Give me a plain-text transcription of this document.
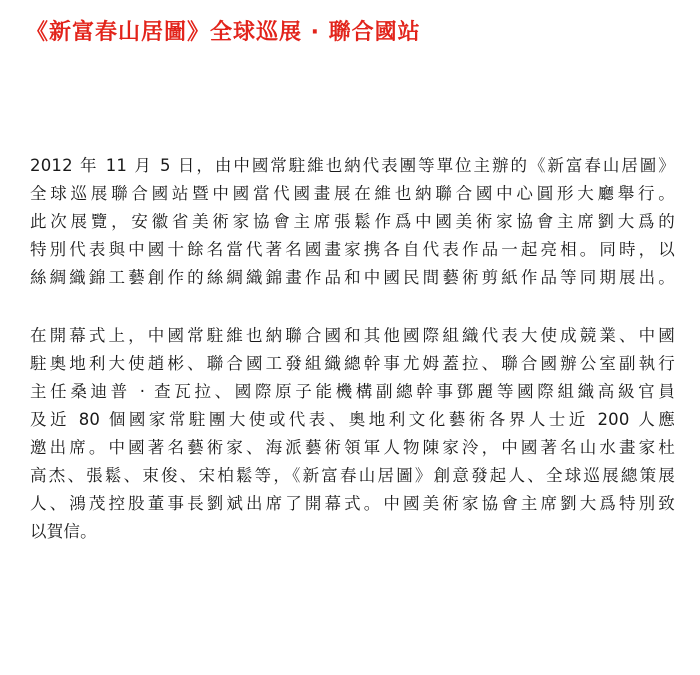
《新富春山居圖》全球巡展 · 聯合國站

2012 年 11 月 5 日，由中國常駐維也納代表團等單位主辦的《新富春山居圖》
全球巡展聯合國站暨中國當代國畫展在維也納聯合國中心圓形大廳舉行。
此次展覽，安徽省美術家協會主席張鬆作爲中國美術家協會主席劉大爲的
特別代表與中國十餘名當代著名國畫家携各自代表作品一起亮相。同時，以
絲綢織錦工藝創作的絲綢織錦畫作品和中國民間藝術剪紙作品等同期展出。

在開幕式上，中國常駐維也納聯合國和其他國際組織代表大使成競業、中國
駐奧地利大使趙彬、聯合國工發組織總幹事尤姆蓋拉、聯合國辦公室副執行
主任桑迪普 · 查瓦拉、國際原子能機構副總幹事鄧麗等國際組織高級官員
及近 80 個國家常駐團大使或代表、奧地利文化藝術各界人士近 200 人應
邀出席。中國著名藝術家、海派藝術領軍人物陳家泠，中國著名山水畫家杜
高杰、張鬆、束俊、宋柏鬆等，《新富春山居圖》創意發起人、全球巡展總策展
人、鴻茂控股董事長劉斌出席了開幕式。中國美術家協會主席劉大爲特別致
以賀信。
